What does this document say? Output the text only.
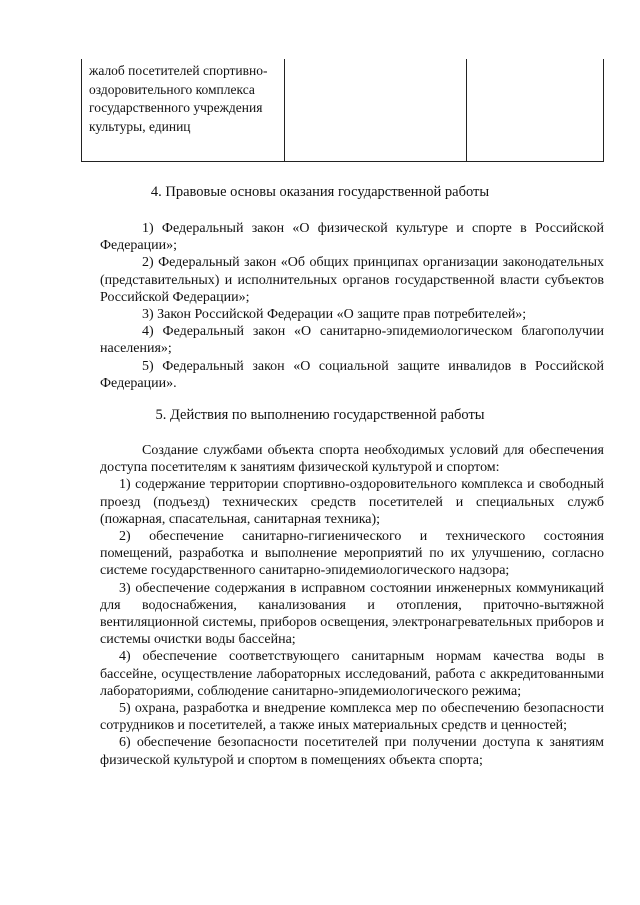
жалоб посетителей спортивно-оздоровительного комплекса государственного учреждения культуры, единиц
4. Правовые основы оказания государственной работы

1) Федеральный закон «О физической культуре и спорте в Российской Федерации»;

2) Федеральный закон «Об общих принципах организации законодательных (представительных) и исполнительных органов государственной власти субъектов Российской Федерации»;

3) Закон Российской Федерации «О защите прав потребителей»;

4) Федеральный закон «О санитарно-эпидемиологическом благополучии населения»;

5) Федеральный закон «О социальной защите инвалидов в Российской Федерации».

5. Действия по выполнению государственной работы

Создание службами объекта спорта необходимых условий для обеспечения доступа посетителям к занятиям физической культурой и спортом:

1) содержание территории спортивно-оздоровительного комплекса и свободный проезд (подъезд) технических средств посетителей и специальных служб (пожарная, спасательная, санитарная техника);

2) обеспечение санитарно-гигиенического и технического состояния помещений, разработка и выполнение мероприятий по их улучшению, согласно системе государственного санитарно-эпидемиологического надзора;

3) обеспечение содержания в исправном состоянии инженерных коммуникаций для водоснабжения, канализования и отопления, приточно-вытяжной вентиляционной системы, приборов освещения, электронагревательных приборов и системы очистки воды бассейна;

4) обеспечение соответствующего санитарным нормам качества воды в бассейне, осуществление лабораторных исследований, работа с аккредитованными лабораториями, соблюдение санитарно-эпидемиологического режима;

5) охрана, разработка и внедрение комплекса мер по обеспечению безопасности сотрудников и посетителей, а также иных материальных средств и ценностей;

6) обеспечение безопасности посетителей при получении доступа к занятиям физической культурой и спортом в помещениях объекта спорта;
